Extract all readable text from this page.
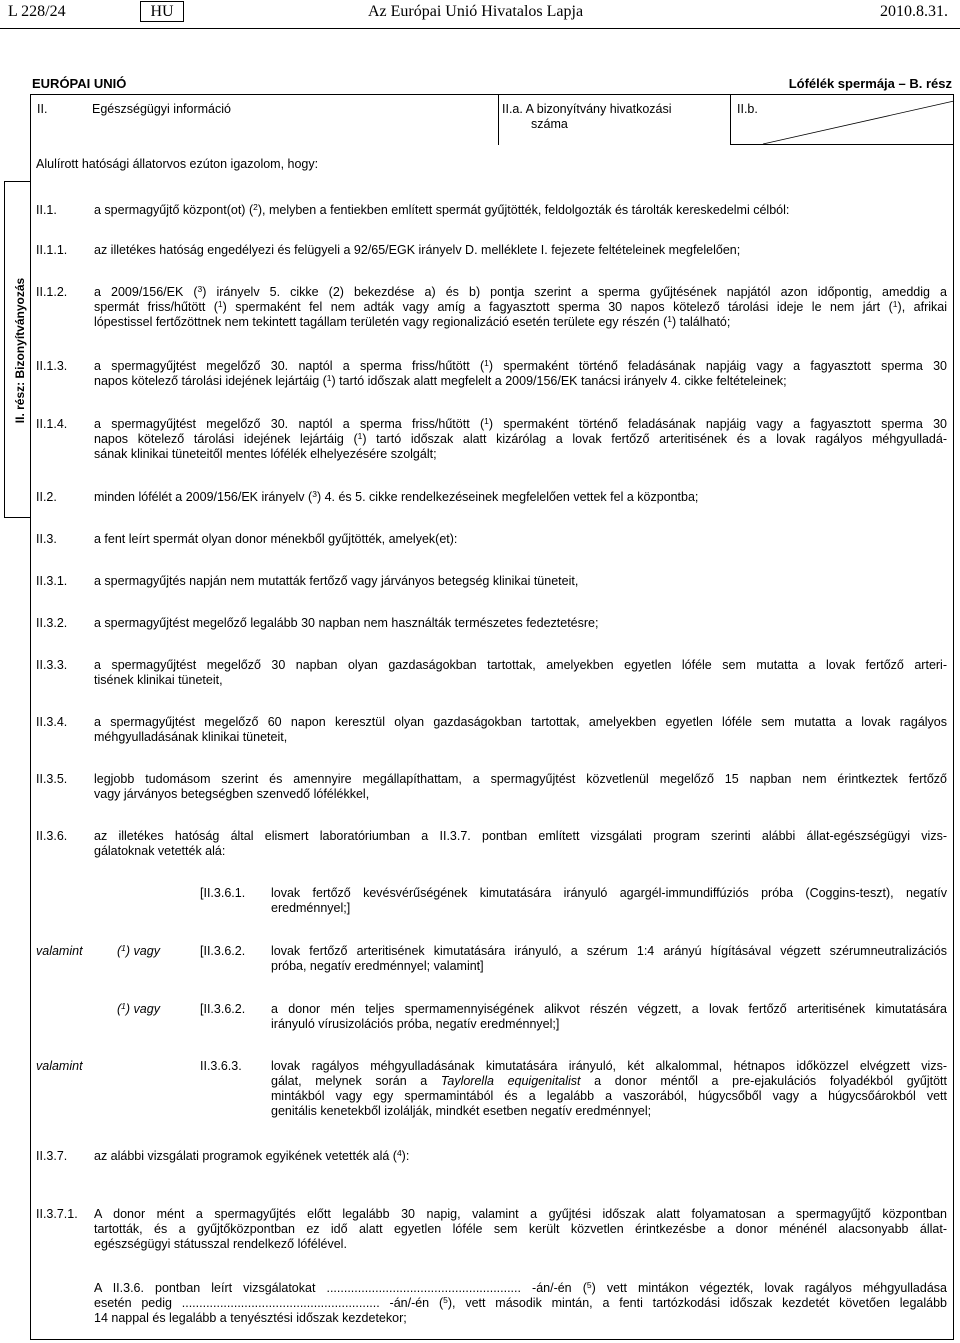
L 228/24	HU	Az Európai Unió Hivatalos Lapja	2010.8.31.
EURÓPAI UNIÓ	Lófélék spermája – B. rész
II.	Egészségügyi információ	II.a. A bizonyítvány hivatkozási
száma
II.b.
II. rész: Bizonyítványozás
Alulírott hatósági állatorvos ezúton igazolom, hogy:
II.1.	a spermagyűjtő központ(ot) ($^2$), melyben a fentiekben említett spermát gyűjtötték, feldolgozták és tárolták kereskedelmi célból:
II.1.1. az illetékes hatóság engedélyezi és felügyeli a 92/65/EGK irányelv D. melléklete I. fejezete feltételeinek megfelelően;
II.1.2. a 2009/156/EK ($^3$) irányelv 5. cikke (2) bekezdése a) és b) pontja szerint a sperma gyűjtésének napjától azon időpontig, ameddig a
spermát friss/hűtött ($^1$) spermaként fel nem adták vagy amíg a fagyasztott sperma 30 napos kötelező tárolási ideje le nem járt ($^1$), afrikai
lópestissel fertőzöttnek nem tekintett tagállam területén vagy regionalizáció esetén területe egy részén ($^1$) található;
II.1.3. a spermagyűjtést megelőző 30. naptól a sperma friss/hűtött ($^1$) spermaként történő feladásának napjáig vagy a fagyasztott sperma 30
napos kötelező tárolási idejének lejártáig ($^1$) tartó időszak alatt megfelelt a 2009/156/EK tanácsi irányelv 4. cikke feltételeinek;
II.1.4. a spermagyűjtést megelőző 30. naptól a sperma friss/hűtött ($^1$) spermaként történő feladásának napjáig vagy a fagyasztott sperma 30
napos kötelező tárolási idejének lejártáig ($^1$) tartó időszak alatt kizárólag a lovak fertőző arteritisének és a lovak ragályos méhgyulladá-
sának klinikai tüneteitől mentes lófélék elhelyezésére szolgált;
II.2.	minden lófélét a 2009/156/EK irányelv ($^3$) 4. és 5. cikke rendelkezéseinek megfelelően vettek fel a központba;
II.3.	a fent leírt spermát olyan donor ménekből gyűjtötték, amelyek(et):
II.3.1. a spermagyűjtés napján nem mutatták fertőző vagy járványos betegség klinikai tüneteit,
II.3.2. a spermagyűjtést megelőző legalább 30 napban nem használták természetes fedeztetésre;
II.3.3. a spermagyűjtést megelőző 30 napban olyan gazdaságokban tartottak, amelyekben egyetlen lóféle sem mutatta a lovak fertőző arteri-
tisének klinikai tüneteit,
II.3.4. a spermagyűjtést megelőző 60 napon keresztül olyan gazdaságokban tartottak, amelyekben egyetlen lóféle sem mutatta a lovak ragályos
méhgyulladásának klinikai tüneteit,
II.3.5. legjobb tudomásom szerint és amennyire megállapíthattam, a spermagyűjtést közvetlenül megelőző 15 napban nem érintkeztek fertőző
vagy járványos betegségben szenvedő lófélékkel,
II.3.6. az illetékes hatóság által elismert laboratóriumban a II.3.7. pontban említett vizsgálati program szerinti alábbi állat-egészségügyi vizs-
gálatoknak vetették alá:
[II.3.6.1. lovak fertőző kevésvérűségének kimutatására irányuló agargél-immundiffúziós próba (Coggins-teszt), negatív
eredménnyel;]
valamint	($^1$) vagy	[II.3.6.2. lovak fertőző arteritisének kimutatására irányuló, a szérum 1:4 arányú hígításával végzett szérumneutralizációs
próba, negatív eredménnyel; valamint]
($^1$) vagy	[II.3.6.2. a donor mén teljes spermamennyiségének alikvot részén végzett, a lovak fertőző arteritisének kimutatására
irányuló vírusizolációs próba, negatív eredménnyel;]
valamint	II.3.6.3. lovak ragályos méhgyulladásának kimutatására irányuló, két alkalommal, hétnapos időközzel elvégzett vizs-
gálat, melynek során a Taylorella equigenitalist a donor méntől a pre-ejakulációs folyadékból gyűjtött
mintákból vagy egy spermamintából és a legalább a vaszorából, húgycsőből vagy a húgycsőárokból vett
genitális kenetekből izolálják, mindkét esetben negatív eredménnyel;
II.3.7. az alábbi vizsgálati programok egyikének vetették alá ($^4$):
II.3.7.1. A donor mént a spermagyűjtés előtt legalább 30 napig, valamint a gyűjtési időszak alatt folyamatosan a spermagyűjtő központban
tartották, és a gyűjtőközpontban ez idő alatt egyetlen lóféle sem került közvetlen érintkezésbe a donor ménénél alacsonyabb állat-
egészségügyi státusszal rendelkező lófélével.
A II.3.6. pontban leírt vizsgálatokat ........................................................ -án/-én ($^5$) vett mintákon végezték, lovak ragályos méhgyulladása
esetén pedig ......................................................... -án/-én ($^5$), vett második mintán, a fenti tartózkodási időszak kezdetét követően legalább
14 nappal és legalább a tenyésztési időszak kezdetekor;
